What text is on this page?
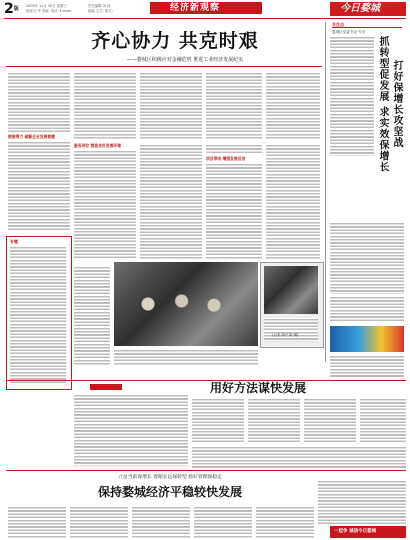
$2^版$ 2009年 12月 30日 星期三
组版:江华 美编: 电话: E-mail:
责任编辑:刘 琼
邮编 主任: 版式:	经济新观察	今日婺城
齐心协力 共克时艰
——婺城区积极应对金融危机 推进工业经济发展纪实
措施得力 破解企业发展难题
服务到位 营造良好发展环境
项目带动 增强发展后劲
专题
(记者 胡兴 陈 钢)
关注点
婺城区党委书记·专访
抓转型促发展 求实效保增长 打好保增长攻坚战
用好方法谋快发展
立足当前保增长 着眼长远保转型 抓好管理保稳定
保持婺城经济平稳较快发展
一起争 诚信今日婺城
